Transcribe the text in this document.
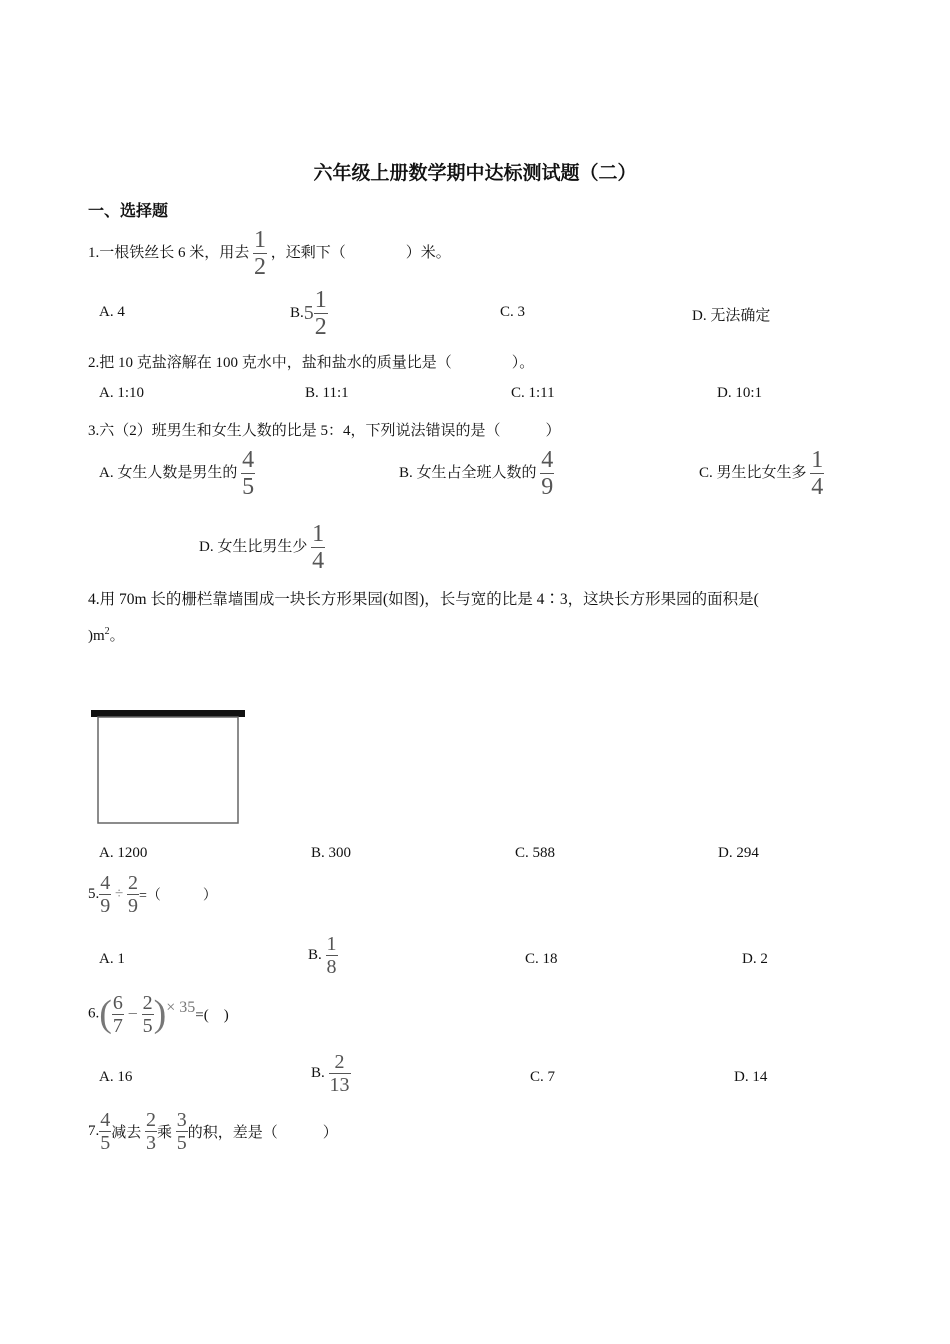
六年级上册数学期中达标测试题（二）
一、选择题
1.一根铁丝长 6 米，用去 $\frac{1}{2}$ ，还剩下（　　　　）米。
A. 4	$B.5 \frac{1}{2}$	C. 3	D. 无法确定
2.把 10 克盐溶解在 100 克水中，盐和盐水的质量比是（　　　　）。
A. 1:10	B. 11:1	C. 1:11	D. 10:1
3.六（2）班男生和女生人数的比是 5：4，下列说法错误的是（　　　）
A. 女生人数是男生的 $\frac{4}{5}$	B. 女生占全班人数的 $\frac{4}{9}$	C. 男生比女生多 $\frac{1}{4}$
D. 女生比男生少 $\frac{1}{4}$
4.用 70m 长的栅栏靠墙围成一块长方形果园(如图)，长与宽的比是 4∶3，这块长方形果园的面积是(
)$m^2$。
A. 1200	B. 300	C. 588	D. 294
5. $\frac{4}{9} \div \frac{2}{9}$ =（　　　）
A. 1	B. $\frac{1}{8}$	C. 18	D. 2
$6.( \frac{6}{7} - \frac{2}{5}$ )× 35=(　)
A. 16	B. $\frac{2}{13}$	C. 7	D. 14
7. $\frac{4}{5}$ 减去 $\frac{2}{3}$ 乘 $\frac{3}{5}$ 的积，差是（　　　）
